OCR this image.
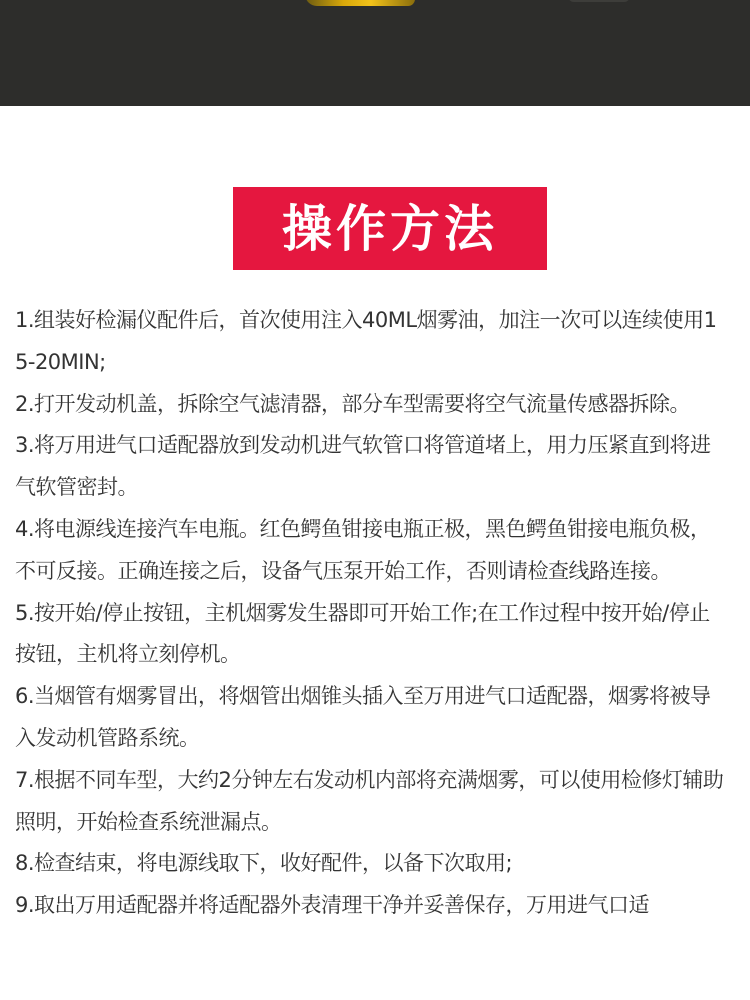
操作方法

1.组装好检漏仪配件后，首次使用注入40ML烟雾油，加注一次可以连续使用15-20MIN;

2.打开发动机盖，拆除空气滤清器，部分车型需要将空气流量传感器拆除。

3.将万用进气口适配器放到发动机进气软管口将管道堵上，用力压紧直到将进气软管密封。

4.将电源线连接汽车电瓶。红色鳄鱼钳接电瓶正极，黑色鳄鱼钳接电瓶负极，不可反接。正确连接之后，设备气压泵开始工作，否则请检查线路连接。

5.按开始/停止按钮，主机烟雾发生器即可开始工作;在工作过程中按开始/停止按钮，主机将立刻停机。

6.当烟管有烟雾冒出，将烟管出烟锥头插入至万用进气口适配器，烟雾将被导入发动机管路系统。

7.根据不同车型，大约2分钟左右发动机内部将充满烟雾，可以使用检修灯辅助照明，开始检查系统泄漏点。

8.检查结束，将电源线取下，收好配件，以备下次取用;

9.取出万用适配器并将适配器外表清理干净并妥善保存，万用进气口适
